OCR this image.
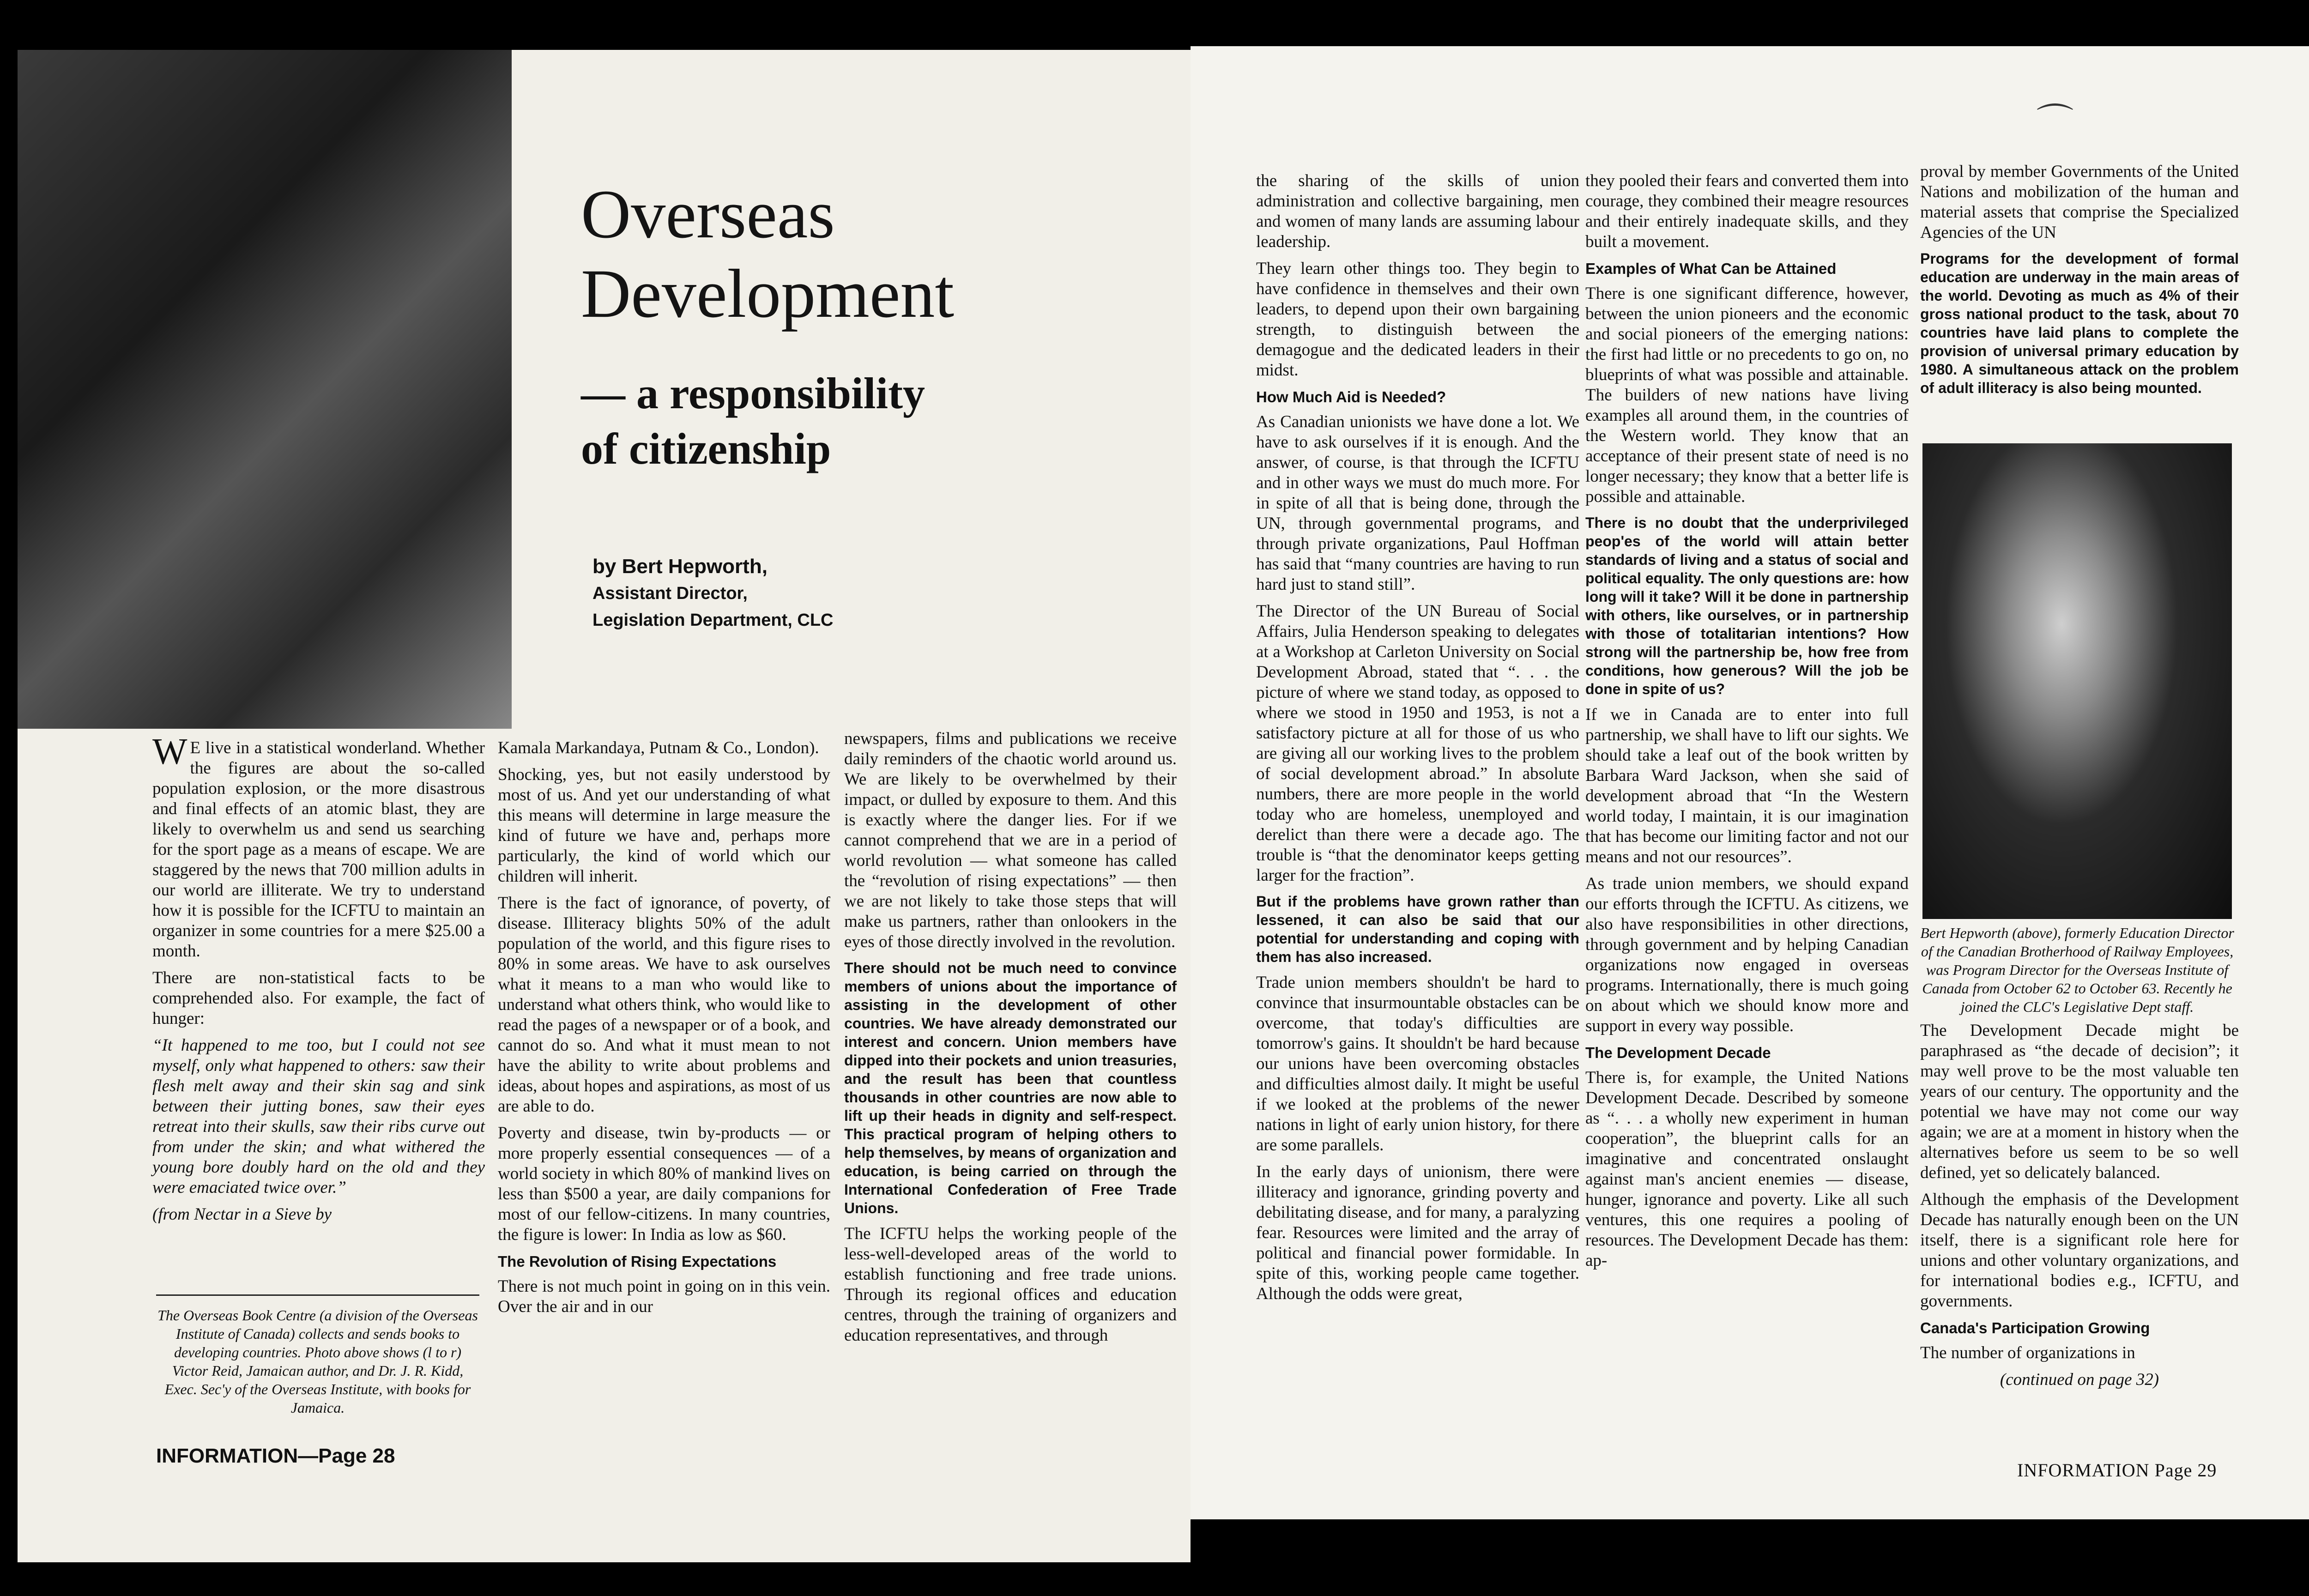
Overseas
Development
— a responsibility
of citizenship
by Bert Hepworth,
Assistant Director,
Legislation Department, CLC

W E live in a statistical wonderland. Whether the figures are about the so-called population explosion, or the more disastrous and final effects of an atomic blast, they are likely to overwhelm us and send us searching for the sport page as a means of escape. We are staggered by the news that 700 million adults in our world are illiterate. We try to understand how it is possible for the ICFTU to maintain an organizer in some countries for a mere $25.00 a month.

There are non-statistical facts to be comprehended also. For example, the fact of hunger:

“It happened to me too, but I could not see myself, only what happened to others: saw their flesh melt away and their skin sag and sink between their jutting bones, saw their eyes retreat into their skulls, saw their ribs curve out from under the skin; and what withered the young bore doubly hard on the old and they were emaciated twice over.”

(from Nectar in a Sieve by

The Overseas Book Centre (a division of the Overseas Institute of Canada) collects and sends books to developing countries. Photo above shows (l to r) Victor Reid, Jamaican author, and Dr. J. R. Kidd, Exec. Sec'y of the Overseas Institute, with books for Jamaica.

Kamala Markandaya, Putnam & Co., London).

Shocking, yes, but not easily understood by most of us. And yet our understanding of what this means will determine in large measure the kind of future we have and, perhaps more particularly, the kind of world which our children will inherit.

There is the fact of ignorance, of poverty, of disease. Illiteracy blights 50% of the adult population of the world, and this figure rises to 80% in some areas. We have to ask ourselves what it means to a man who would like to understand what others think, who would like to read the pages of a newspaper or of a book, and cannot do so. And what it must mean to not have the ability to write about problems and ideas, about hopes and aspirations, as most of us are able to do.

Poverty and disease, twin by-products — or more properly essential consequences — of a world society in which 80% of mankind lives on less than $500 a year, are daily companions for most of our fellow-citizens. In many countries, the figure is lower: In India as low as $60.

The Revolution of Rising Expectations

There is not much point in going on in this vein. Over the air and in our

newspapers, films and publications we receive daily reminders of the chaotic world around us. We are likely to be overwhelmed by their impact, or dulled by exposure to them. And this is exactly where the danger lies. For if we cannot comprehend that we are in a period of world revolution — what someone has called the “revolution of rising expectations” — then we are not likely to take those steps that will make us partners, rather than onlookers in the eyes of those directly involved in the revolution.

There should not be much need to convince members of unions about the importance of assisting in the development of other countries. We have already demonstrated our interest and concern. Union members have dipped into their pockets and union treasuries, and the result has been that countless thousands in other countries are now able to lift up their heads in dignity and self-respect. This practical program of helping others to help themselves, by means of organization and education, is being carried on through the International Confederation of Free Trade Unions.

The ICFTU helps the working people of the less-well-developed areas of the world to establish functioning and free trade unions. Through its regional offices and education centres, through the training of organizers and education representatives, and through

INFORMATION—Page 28

the sharing of the skills of union administration and collective bargaining, men and women of many lands are assuming labour leadership.

They learn other things too. They begin to have confidence in themselves and their own leaders, to depend upon their own bargaining strength, to distinguish between the demagogue and the dedicated leaders in their midst.

How Much Aid is Needed?

As Canadian unionists we have done a lot. We have to ask ourselves if it is enough. And the answer, of course, is that through the ICFTU and in other ways we must do much more. For in spite of all that is being done, through the UN, through governmental programs, and through private organizations, Paul Hoffman has said that “many countries are having to run hard just to stand still”.

The Director of the UN Bureau of Social Affairs, Julia Henderson speaking to delegates at a Workshop at Carleton University on Social Development Abroad, stated that “. . . the picture of where we stand today, as opposed to where we stood in 1950 and 1953, is not a satisfactory picture at all for those of us who are giving all our working lives to the problem of social development abroad.” In absolute numbers, there are more people in the world today who are homeless, unemployed and derelict than there were a decade ago. The trouble is “that the denominator keeps getting larger for the fraction”.

But if the problems have grown rather than lessened, it can also be said that our potential for understanding and coping with them has also increased.

Trade union members shouldn't be hard to convince that insurmountable obstacles can be overcome, that today's difficulties are tomorrow's gains. It shouldn't be hard because our unions have been overcoming obstacles and difficulties almost daily. It might be useful if we looked at the problems of the newer nations in light of early union history, for there are some parallels.

In the early days of unionism, there were illiteracy and ignorance, grinding poverty and debilitating disease, and for many, a paralyzing fear. Resources were limited and the array of political and financial power formidable. In spite of this, working people came together. Although the odds were great,

they pooled their fears and converted them into courage, they combined their meagre resources and their entirely inadequate skills, and they built a movement.

Examples of What Can be Attained

There is one significant difference, however, between the union pioneers and the economic and social pioneers of the emerging nations: the first had little or no precedents to go on, no blueprints of what was possible and attainable. The builders of new nations have living examples all around them, in the countries of the Western world. They know that an acceptance of their present state of need is no longer necessary; they know that a better life is possible and attainable.

There is no doubt that the underprivileged peop'es of the world will attain better standards of living and a status of social and political equality. The only questions are: how long will it take? Will it be done in partnership with others, like ourselves, or in partnership with those of totalitarian intentions? How strong will the partnership be, how free from conditions, how generous? Will the job be done in spite of us?

If we in Canada are to enter into full partnership, we shall have to lift our sights. We should take a leaf out of the book written by Barbara Ward Jackson, when she said of development abroad that “In the Western world today, I maintain, it is our imagination that has become our limiting factor and not our means and not our resources”.

As trade union members, we should expand our efforts through the ICFTU. As citizens, we also have responsibilities in other directions, through government and by helping Canadian organizations now engaged in overseas programs. Internationally, there is much going on about which we should know more and support in every way possible.

The Development Decade

There is, for example, the United Nations Development Decade. Described by someone as “. . . a wholly new experiment in human cooperation”, the blueprint calls for an imaginative and concentrated onslaught against man's ancient enemies — disease, hunger, ignorance and poverty. Like all such ventures, this one requires a pooling of resources. The Development Decade has them: ap-

proval by member Governments of the United Nations and mobilization of the human and material assets that comprise the Specialized Agencies of the UN

Programs for the development of formal education are underway in the main areas of the world. Devoting as much as 4% of their gross national product to the task, about 70 countries have laid plans to complete the provision of universal primary education by 1980. A simultaneous attack on the problem of adult illiteracy is also being mounted.

Bert Hepworth (above), formerly Education Director of the Canadian Brotherhood of Railway Employees, was Program Director for the Overseas Institute of Canada from October 62 to October 63. Recently he joined the CLC's Legislative Dept staff.

The Development Decade might be paraphrased as “the decade of decision”; it may well prove to be the most valuable ten years of our century. The opportunity and the potential we have may not come our way again; we are at a moment in history when the alternatives before us seem to be so well defined, yet so delicately balanced.

Although the emphasis of the Development Decade has naturally enough been on the UN itself, there is a significant role here for unions and other voluntary organizations, and for international bodies e.g., ICFTU, and governments.

Canada's Participation Growing

The number of organizations in

(continued on page 32)

INFORMATION Page 29
⌒
